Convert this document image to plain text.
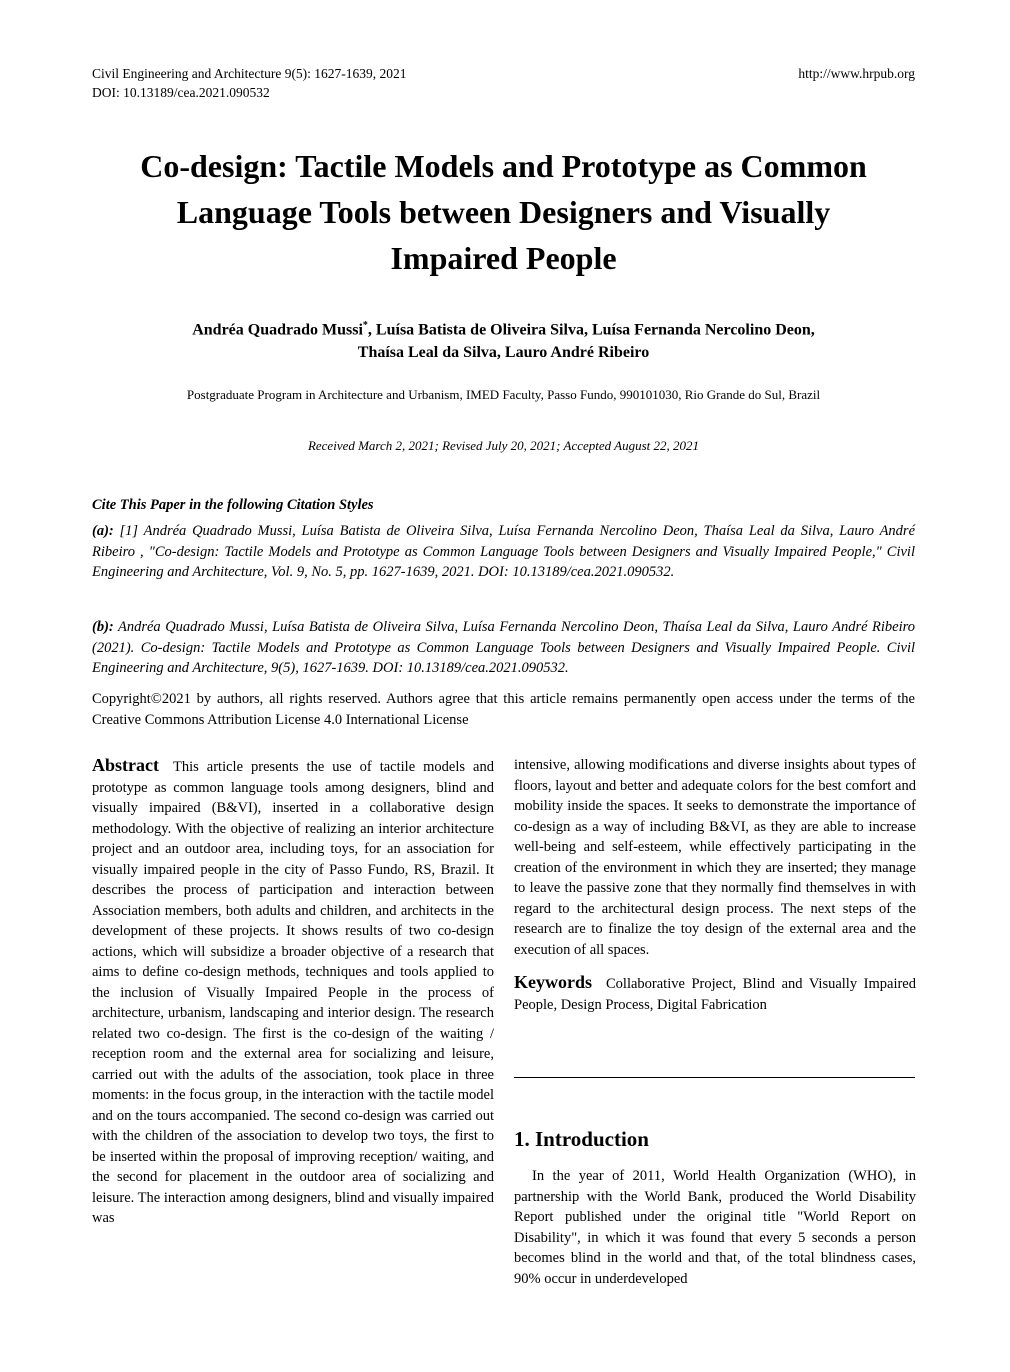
Civil Engineering and Architecture 9(5): 1627-1639, 2021
DOI: 10.13189/cea.2021.090532
http://www.hrpub.org
Co-design: Tactile Models and Prototype as Common
Language Tools between Designers and Visually
Impaired People
Andréa Quadrado Mussi*, Luísa Batista de Oliveira Silva, Luísa Fernanda Nercolino Deon,
Thaísa Leal da Silva, Lauro André Ribeiro
Postgraduate Program in Architecture and Urbanism, IMED Faculty, Passo Fundo, 990101030, Rio Grande do Sul, Brazil
Received March 2, 2021; Revised July 20, 2021; Accepted August 22, 2021
Cite This Paper in the following Citation Styles
(a): [1] Andréa Quadrado Mussi, Luísa Batista de Oliveira Silva, Luísa Fernanda Nercolino Deon, Thaísa Leal da Silva, Lauro André Ribeiro , "Co-design: Tactile Models and Prototype as Common Language Tools between Designers and Visually Impaired People," Civil Engineering and Architecture, Vol. 9, No. 5, pp. 1627-1639, 2021. DOI: 10.13189/cea.2021.090532.
(b): Andréa Quadrado Mussi, Luísa Batista de Oliveira Silva, Luísa Fernanda Nercolino Deon, Thaísa Leal da Silva, Lauro André Ribeiro (2021). Co-design: Tactile Models and Prototype as Common Language Tools between Designers and Visually Impaired People. Civil Engineering and Architecture, 9(5), 1627-1639. DOI: 10.13189/cea.2021.090532.
Copyright©2021 by authors, all rights reserved. Authors agree that this article remains permanently open access under the terms of the Creative Commons Attribution License 4.0 International License
Abstract This article presents the use of tactile models and prototype as common language tools among designers, blind and visually impaired (B&VI), inserted in a collaborative design methodology. With the objective of realizing an interior architecture project and an outdoor area, including toys, for an association for visually impaired people in the city of Passo Fundo, RS, Brazil. It describes the process of participation and interaction between Association members, both adults and children, and architects in the development of these projects. It shows results of two co-design actions, which will subsidize a broader objective of a research that aims to define co-design methods, techniques and tools applied to the inclusion of Visually Impaired People in the process of architecture, urbanism, landscaping and interior design. The research related two co-design. The first is the co-design of the waiting / reception room and the external area for socializing and leisure, carried out with the adults of the association, took place in three moments: in the focus group, in the interaction with the tactile model and on the tours accompanied. The second co-design was carried out with the children of the association to develop two toys, the first to be inserted within the proposal of improving reception/ waiting, and the second for placement in the outdoor area of socializing and leisure. The interaction among designers, blind and visually impaired was
intensive, allowing modifications and diverse insights about types of floors, layout and better and adequate colors for the best comfort and mobility inside the spaces. It seeks to demonstrate the importance of co-design as a way of including B&VI, as they are able to increase well-being and self-esteem, while effectively participating in the creation of the environment in which they are inserted; they manage to leave the passive zone that they normally find themselves in with regard to the architectural design process. The next steps of the research are to finalize the toy design of the external area and the execution of all spaces.
Keywords Collaborative Project, Blind and Visually Impaired People, Design Process, Digital Fabrication
1. Introduction
In the year of 2011, World Health Organization (WHO), in partnership with the World Bank, produced the World Disability Report published under the original title "World Report on Disability", in which it was found that every 5 seconds a person becomes blind in the world and that, of the total blindness cases, 90% occur in underdeveloped
